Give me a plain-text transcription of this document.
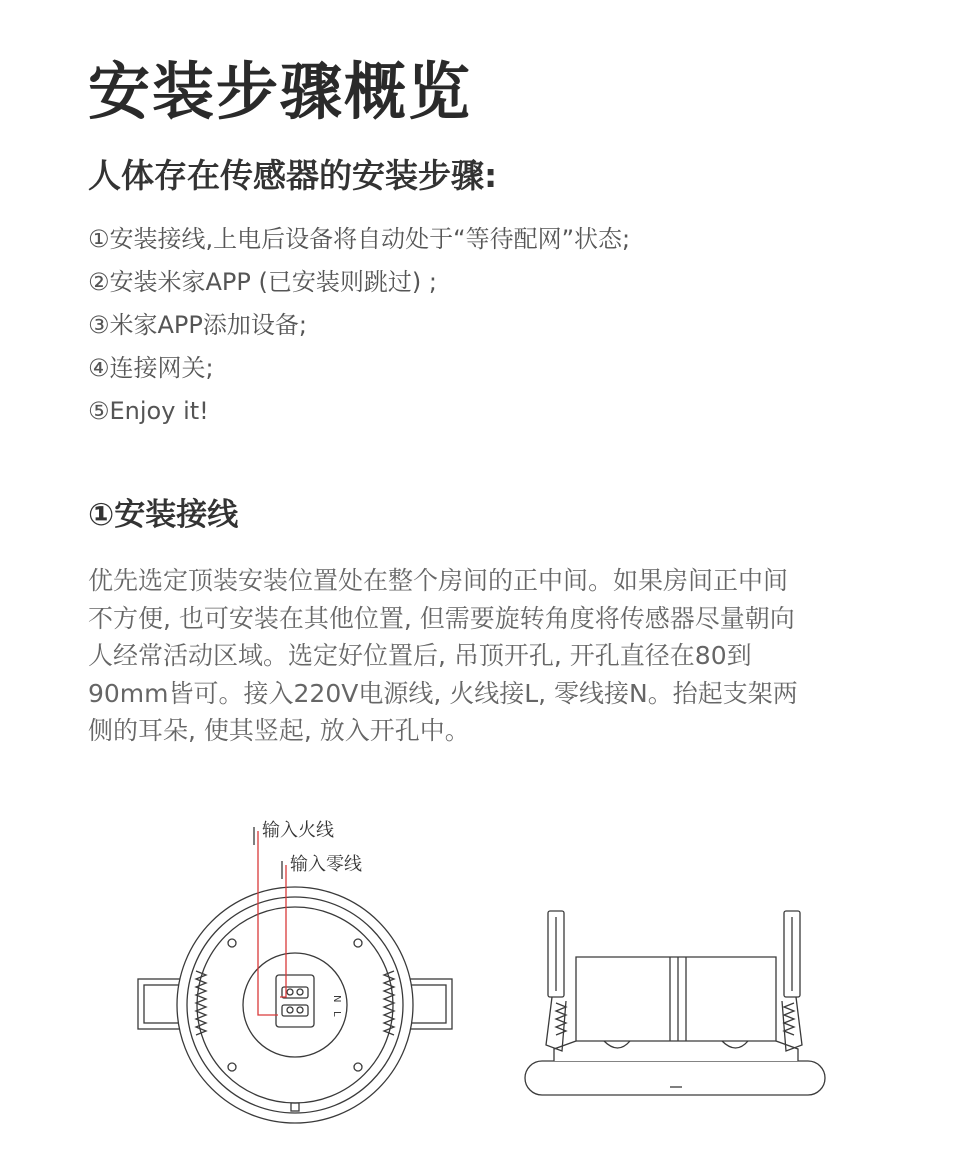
安装步骤概览
人体存在传感器的安装步骤:
①安装接线,上电后设备将自动处于“等待配网”状态;
②安装米家APP (已安装则跳过) ;
③米家APP添加设备;
④连接网关;
⑤Enjoy it!
①安装接线
优先选定顶装安装位置处在整个房间的正中间。如果房间正中间
不方便, 也可安装在其他位置, 但需要旋转角度将传感器尽量朝向
人经常活动区域。选定好位置后, 吊顶开孔, 开孔直径在80到
90mm皆可。接入220V电源线, 火线接L, 零线接N。抬起支架两
侧的耳朵, 使其竖起, 放入开孔中。
输入火线
输入零线
N
L
